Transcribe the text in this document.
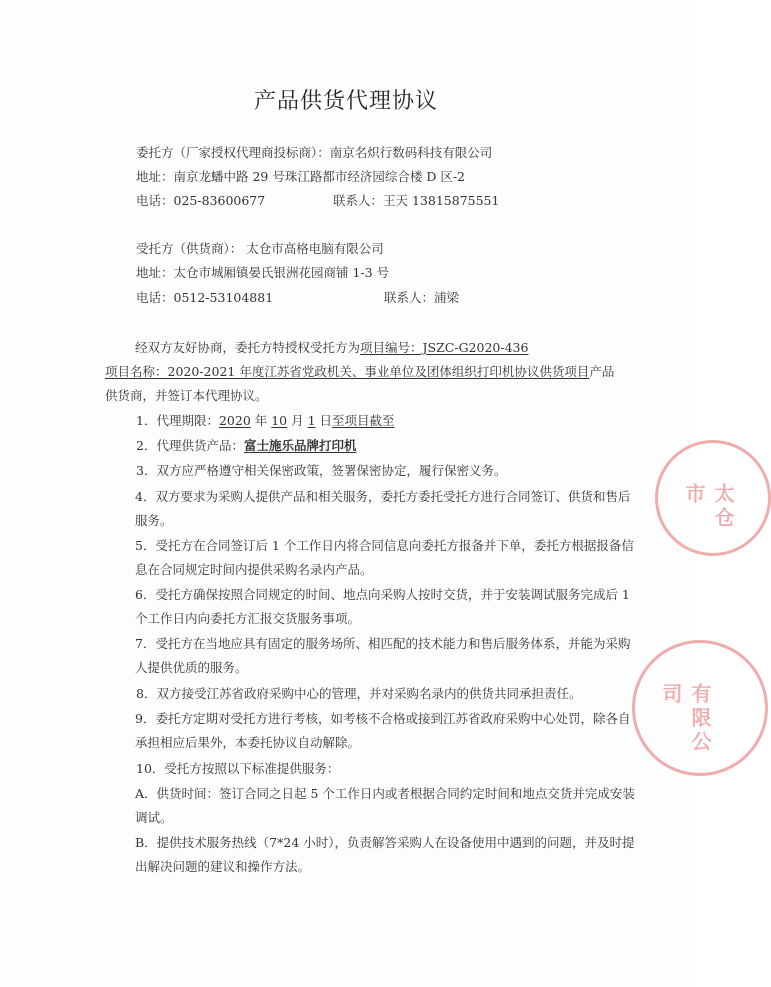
产品供货代理协议
委托方（厂家授权代理商投标商）：南京名炽行数码科技有限公司
地址：南京龙蟠中路 29 号珠江路都市经济园综合楼 D 区-2
电话：025-83600677	联系人：王天 13815875551
受托方（供货商）： 太仓市高格电脑有限公司
地址：太仓市城厢镇晏氏银洲花园商铺 1-3 号
电话：0512-53104881	联系人：浦梁
经双方友好协商，委托方特授权受托方为项目编号：JSZC-G2020-436
项目名称：2020-2021 年度江苏省党政机关、事业单位及团体组织打印机协议供货项目产品
供货商，并签订本代理协议。
1．代理期限：2020 年 10 月 1 日至项目截至
2．代理供货产品：富士施乐品牌打印机
3．双方应严格遵守相关保密政策，签署保密协定，履行保密义务。
4．双方要求为采购人提供产品和相关服务，委托方委托受托方进行合同签订、供货和售后服务。
5．受托方在合同签订后 1 个工作日内将合同信息向委托方报备并下单，委托方根据报备信息在合同规定时间内提供采购名录内产品。
6．受托方确保按照合同规定的时间、地点向采购人按时交货，并于安装调试服务完成后 1 个工作日内向委托方汇报交货服务事项。
7．受托方在当地应具有固定的服务场所、相匹配的技术能力和售后服务体系，并能为采购人提供优质的服务。
8．双方接受江苏省政府采购中心的管理，并对采购名录内的供货共同承担责任。
9．委托方定期对受托方进行考核，如考核不合格或接到江苏省政府采购中心处罚，除各自承担相应后果外，本委托协议自动解除。
10．受托方按照以下标准提供服务：
A．供货时间：签订合同之日起 5 个工作日内或者根据合同约定时间和地点交货并完成安装调试。
B．提供技术服务热线（7*24 小时），负责解答采购人在设备使用中遇到的问题，并及时提出解决问题的建议和操作方法。
太仓市
有限公司
